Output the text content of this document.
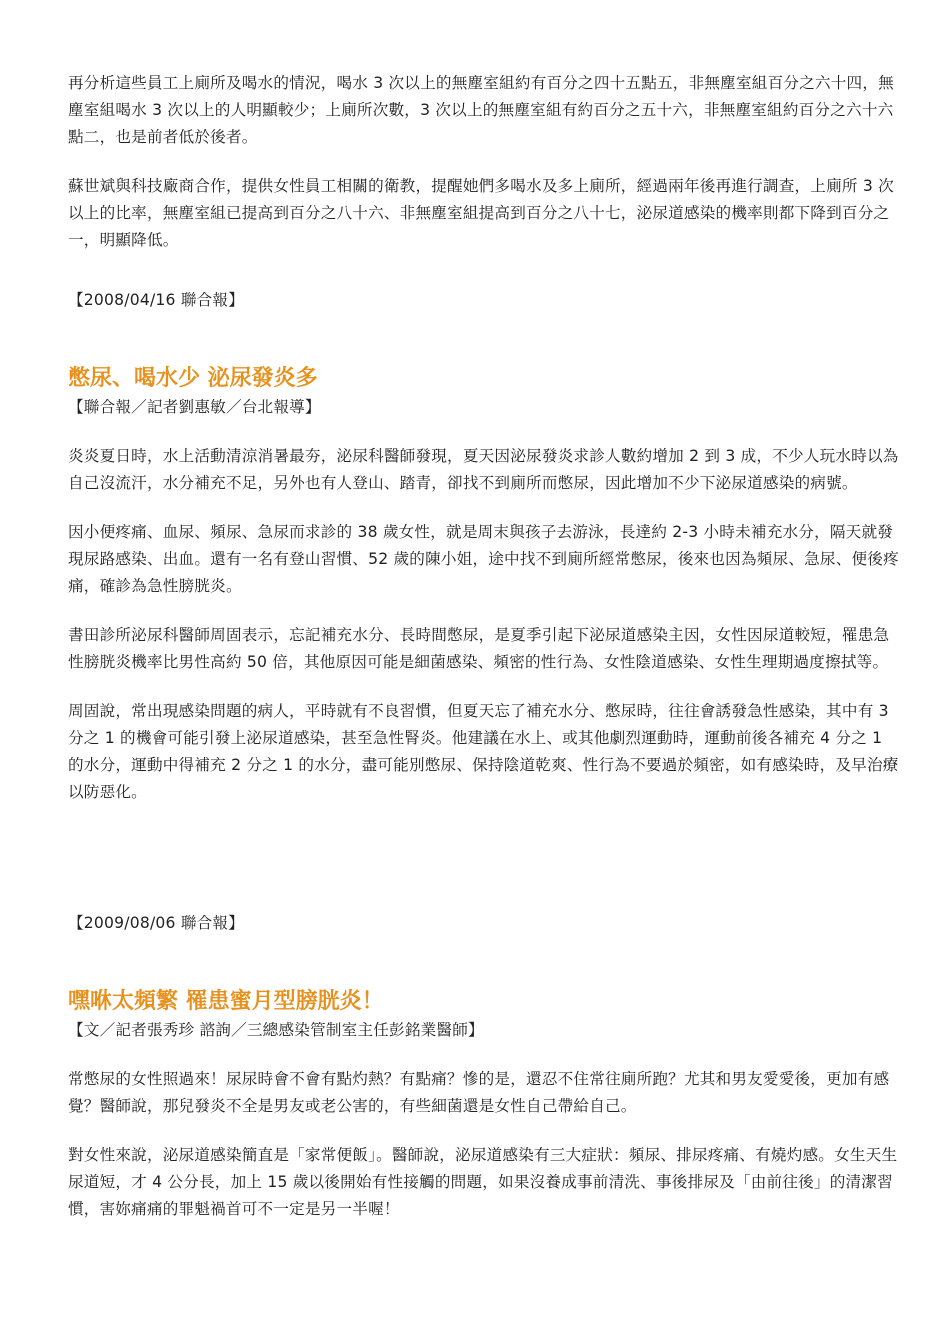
再分析這些員工上廁所及喝水的情況，喝水 3 次以上的無塵室組約有百分之四十五點五，非無塵室組百分之六十四，無塵室組喝水 3 次以上的人明顯較少；上廁所次數，3 次以上的無塵室組有約百分之五十六，非無塵室組約百分之六十六點二，也是前者低於後者。

蘇世斌與科技廠商合作，提供女性員工相關的衛教，提醒她們多喝水及多上廁所，經過兩年後再進行調查，上廁所 3 次以上的比率，無塵室組已提高到百分之八十六、非無塵室組提高到百分之八十七，泌尿道感染的機率則都下降到百分之一，明顯降低。

【2008/04/16 聯合報】

憋尿、喝水少 泌尿發炎多

【聯合報／記者劉惠敏／台北報導】

炎炎夏日時，水上活動清涼消暑最夯，泌尿科醫師發現，夏天因泌尿發炎求診人數約增加 2 到 3 成，不少人玩水時以為自己沒流汗，水分補充不足，另外也有人登山、踏青，卻找不到廁所而憋尿，因此增加不少下泌尿道感染的病號。

因小便疼痛、血尿、頻尿、急尿而求診的 38 歲女性，就是周末與孩子去游泳，長達約 2-3 小時未補充水分，隔天就發現尿路感染、出血。還有一名有登山習慣、52 歲的陳小姐，途中找不到廁所經常憋尿，後來也因為頻尿、急尿、便後疼痛，確診為急性膀胱炎。

書田診所泌尿科醫師周固表示，忘記補充水分、長時間憋尿，是夏季引起下泌尿道感染主因，女性因尿道較短，罹患急性膀胱炎機率比男性高約 50 倍，其他原因可能是細菌感染、頻密的性行為、女性陰道感染、女性生理期過度擦拭等。

周固說，常出現感染問題的病人，平時就有不良習慣，但夏天忘了補充水分、憋尿時，往往會誘發急性感染，其中有 3 分之 1 的機會可能引發上泌尿道感染，甚至急性腎炎。他建議在水上、或其他劇烈運動時，運動前後各補充 4 分之 1 的水分，運動中得補充 2 分之 1 的水分，盡可能別憋尿、保持陰道乾爽、性行為不要過於頻密，如有感染時，及早治療以防惡化。

【2009/08/06 聯合報】

嘿咻太頻繁 罹患蜜月型膀胱炎！

【文／記者張秀珍 諮詢／三總感染管制室主任彭銘業醫師】

常憋尿的女性照過來！尿尿時會不會有點灼熱？有點痛？慘的是，還忍不住常往廁所跑？尤其和男友愛愛後，更加有感覺？醫師說，那兒發炎不全是男友或老公害的，有些細菌還是女性自己帶給自己。

對女性來說，泌尿道感染簡直是「家常便飯」。醫師說，泌尿道感染有三大症狀：頻尿、排尿疼痛、有燒灼感。女生天生尿道短，才 4 公分長，加上 15 歲以後開始有性接觸的問題，如果沒養成事前清洗、事後排尿及「由前往後」的清潔習慣，害妳痛痛的罪魁禍首可不一定是另一半喔！
